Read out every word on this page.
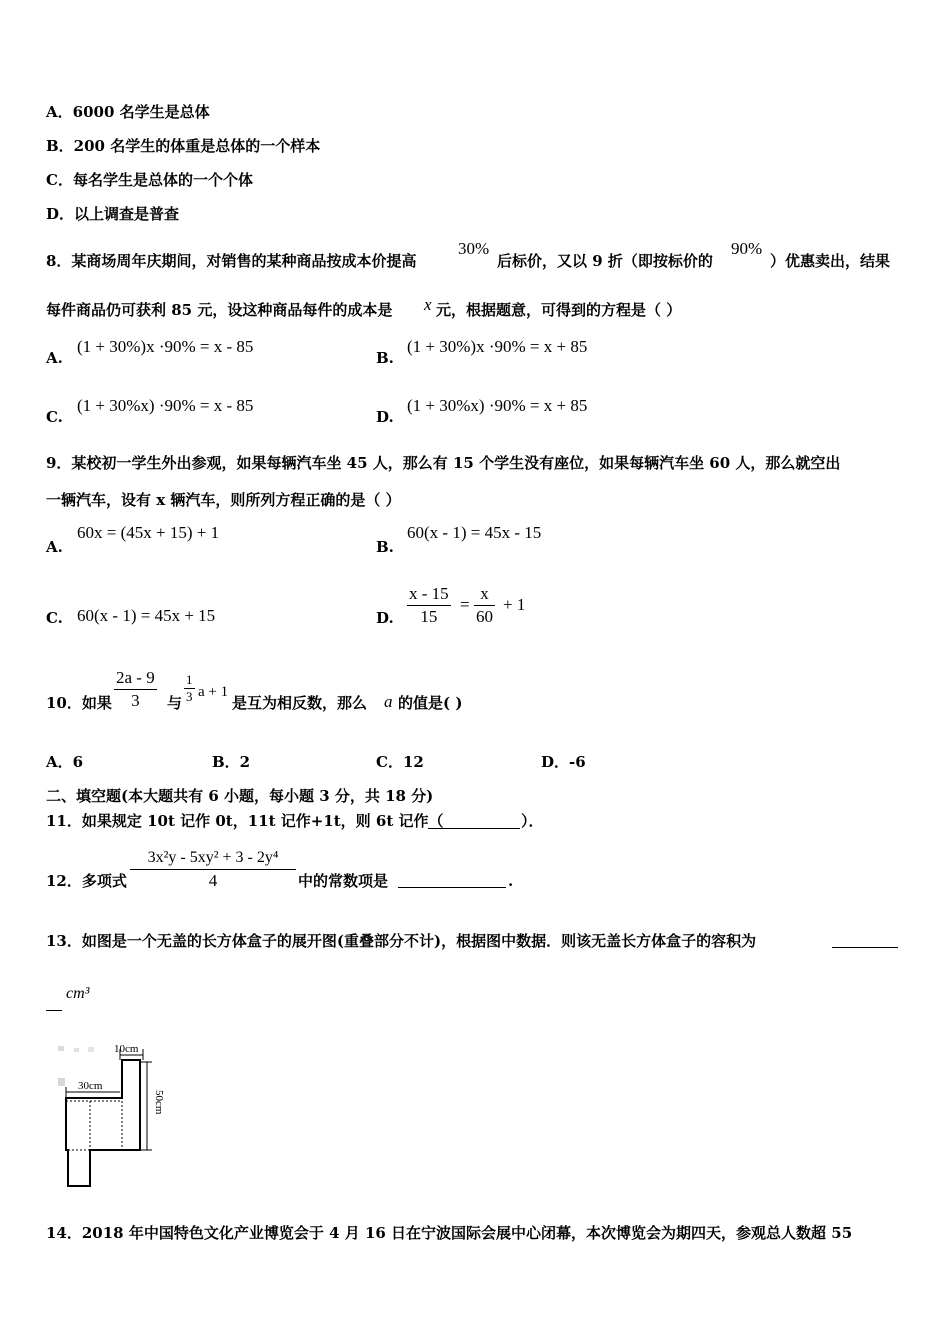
A．6000 名学生是总体
B．200 名学生的体重是总体的一个样本
C．每名学生是总体的一个个体
D．以上调查是普查
8．某商场周年庆期间，对销售的某种商品按成本价提高
30%
后标价，又以 9 折（即按标价的
90%
）优惠卖出，结果
每件商品仍可获利 85 元，设这种商品每件的成本是 x 元，根据题意，可得到的方程是（ ）
A.
(1 + 30%)x ·90% = x - 85
B.
(1 + 30%)x ·90% = x + 85
C.
(1 + 30%x) ·90% = x - 85
D.
(1 + 30%x) ·90% = x + 85
9．某校初一学生外出参观，如果每辆汽车坐 45 人，那么有 15 个学生没有座位，如果每辆汽车坐 60 人，那么就空出
一辆汽车，设有 x 辆汽车，则所列方程正确的是（ ）
A.
60x = (45x + 15) + 1
B.
60(x - 1) = 45x - 15
C. 60(x - 1) = 45x + 15	D. $\frac{x - 15}{15} = \frac{x}{60} + 1$
10．如果 $\frac{2a - 9}{3}$ 与 $\frac{1}{3}$ a + 1
是互为相反数，那么 a 的值是( )
A．6	B．2	C．12	D．-6
二、填空题(本大题共有 6 小题，每小题 3 分，共 18 分)
11．如果规定 10t 记作 0t，11t 记作+1t，则 6t 记作（	）．
12．多项式 $\frac{\text{3x²y - 5xy² + 3 - 2y⁴}}{4}$ 中的常数项是	.
13．如图是一个无盖的长方体盒子的展开图(重叠部分不计)，根据图中数据．则该无盖长方体盒子的容积为
cm³
10cm
30cm
50cm
14．2018 年中国特色文化产业博览会于 4 月 16 日在宁波国际会展中心闭幕，本次博览会为期四天，参观总人数超 55
